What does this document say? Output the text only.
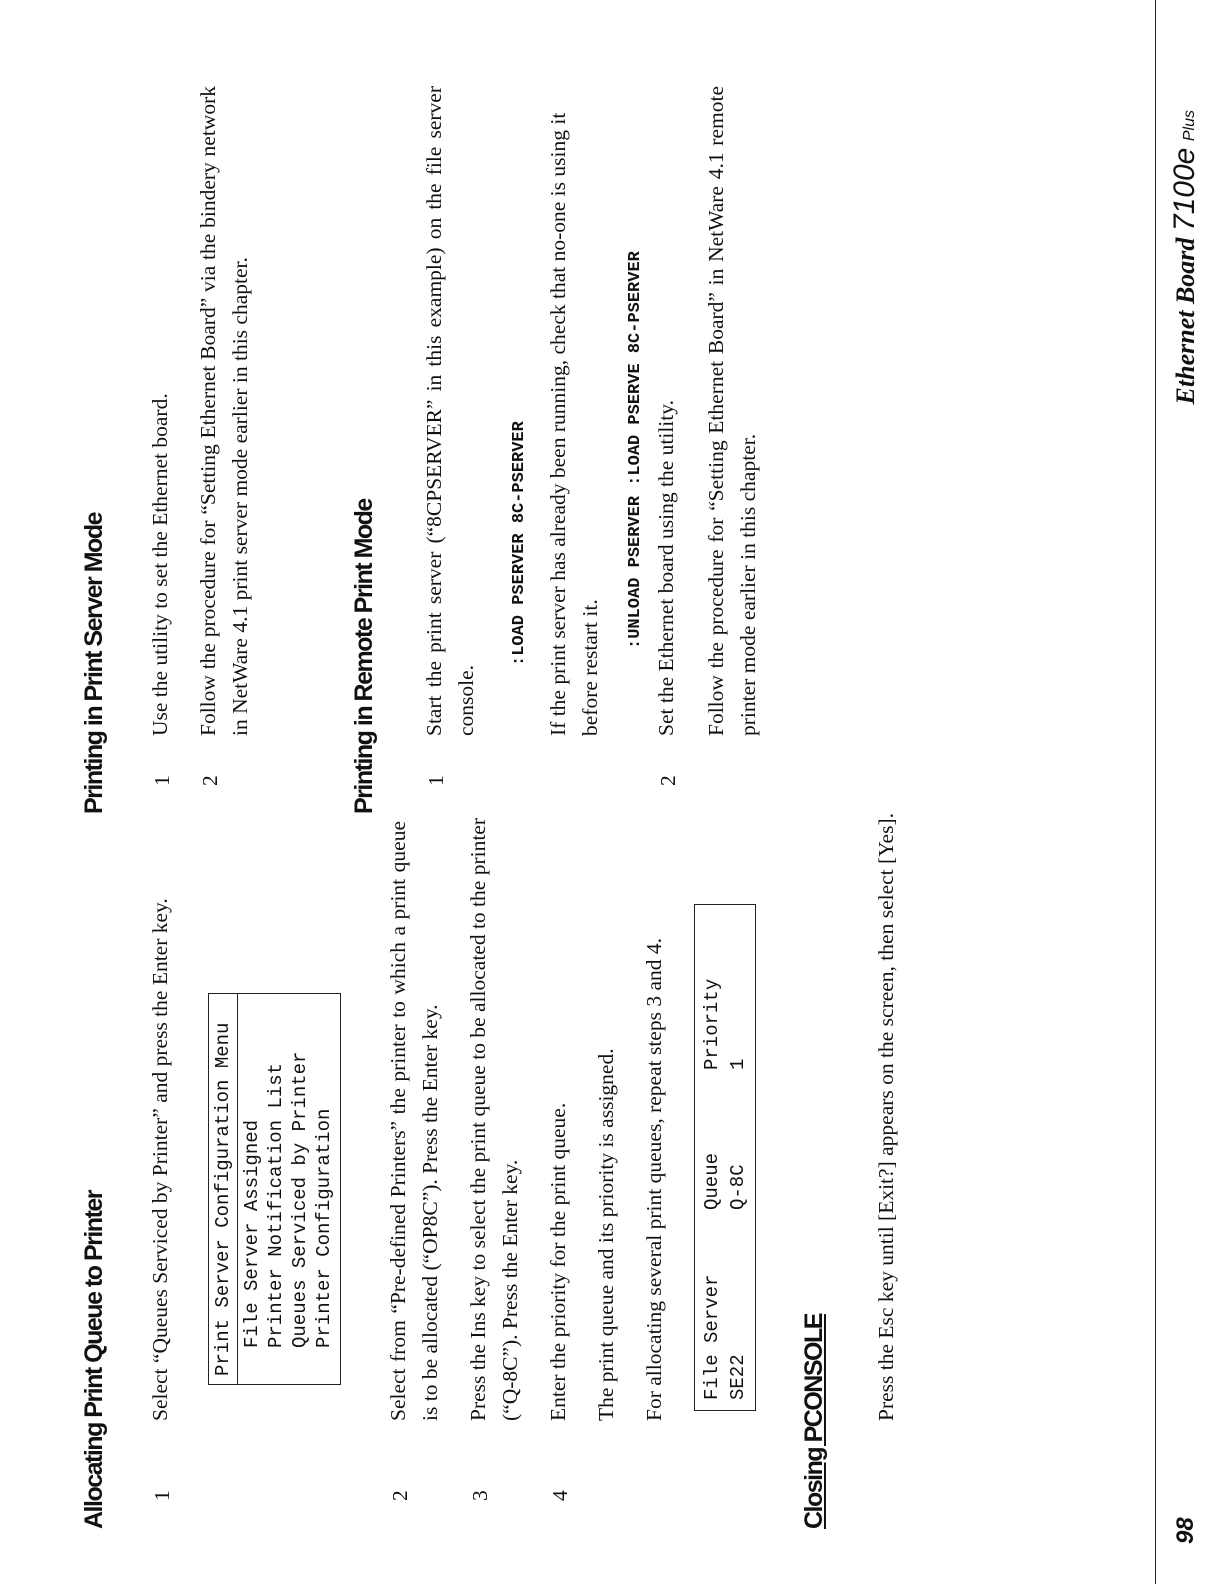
Allocating Print Queue to Printer 1
Select “Queues Serviced by Printer” and press the Enter key. Print Server Configuration Menu File Server Assigned Printer Notification List Queues Serviced by Printer Printer Configuration
2
Select from “Pre-defined Printers” the printer to which a print queue is to be allocated (“OP8C”). Press the Enter key.
3
Press the Ins key to select the print queue to be allocated to the printer (“Q-8C”). Press the Enter key.
4
Enter the priority for the print queue. The print queue and its priority is assigned. For allocating several print queues, repeat steps 3 and 4. File Server
Queue
Priority
SE22
Q-8C
1
Closing PCONSOLE
Press the Esc key until [Exit?] appears on the screen, then select [Yes].
Printing in Print Server Mode 1
Use the utility to set the Ethernet board.
2
Follow the procedure for “Setting Ethernet Board” via the bindery network in NetWare 4.1 print server mode earlier in this chapter.	Printing in Remote Print Mode 1
Start the print server (“8CPSERVER” in this example) on the file server console.
:LOAD PSERVER 8C-PSERVER If the print server has already been running, check that no-one is using it before restart it.
:UNLOAD PSERVER :LOAD PSERVE 8C-PSERVER
2
Set the Ethernet board using the utility. Follow the procedure for “Setting Ethernet Board” in NetWare 4.1 remote printer mode earlier in this chapter.
98
Ethernet Board 7100e Plus
